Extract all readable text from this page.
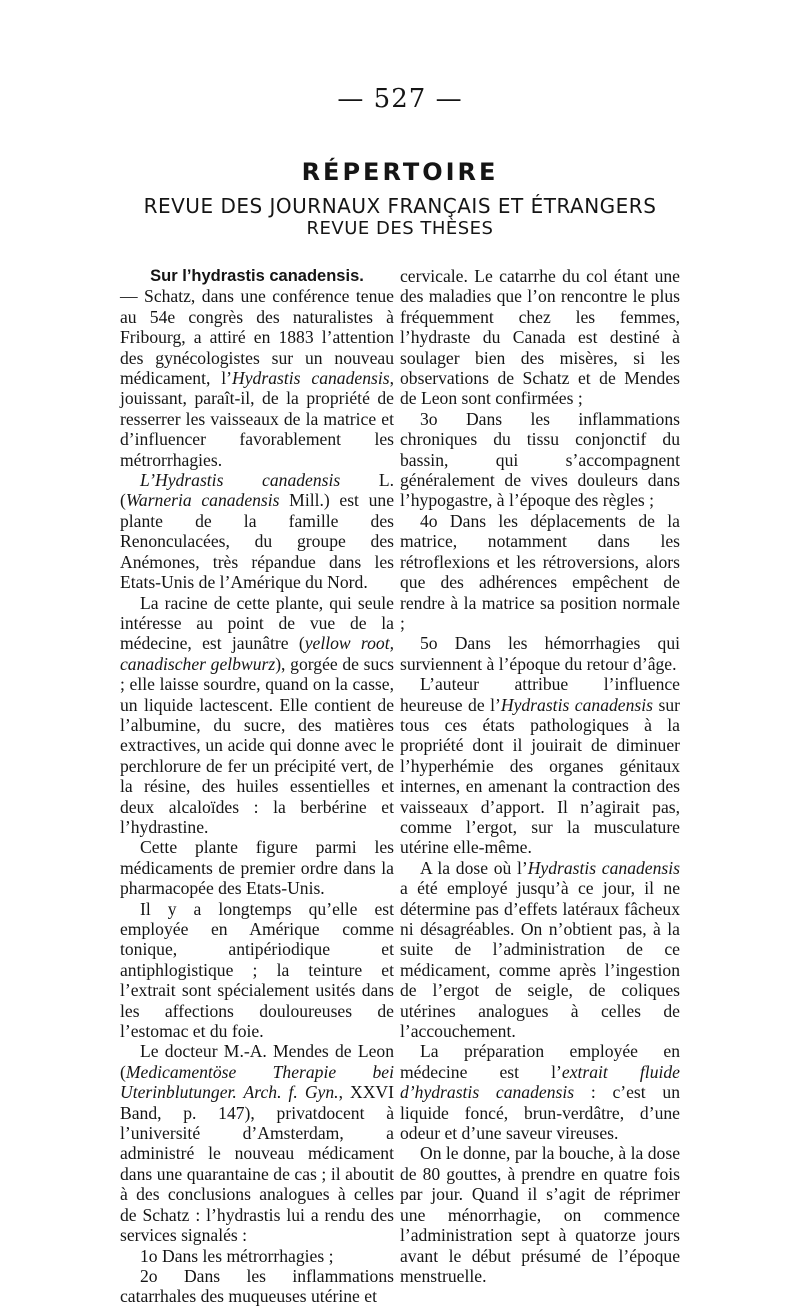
— 527 —
RÉPERTOIRE
REVUE DES JOURNAUX FRANÇAIS ET ÉTRANGERS
REVUE DES THÈSES

Sur l’hydrastis canadensis.

— Schatz, dans une conférence tenue au 54e congrès des naturalistes à Fribourg, a attiré en 1883 l’attention des gynécologistes sur un nouveau médicament, l’Hydrastis canadensis, jouissant, paraît-il, de la propriété de resserrer les vaisseaux de la matrice et d’influencer favorablement les métrorrhagies.

L’Hydrastis canadensis L. (Warneria canadensis Mill.) est une plante de la famille des Renonculacées, du groupe des Anémones, très répandue dans les Etats-Unis de l’Amérique du Nord.

La racine de cette plante, qui seule intéresse au point de vue de la médecine, est jaunâtre (yellow root, canadischer gelbwurz), gorgée de sucs ; elle laisse sourdre, quand on la casse, un liquide lactescent. Elle contient de l’albumine, du sucre, des matières extractives, un acide qui donne avec le perchlorure de fer un précipité vert, de la résine, des huiles essentielles et deux alcaloïdes : la berbérine et l’hydrastine.

Cette plante figure parmi les médicaments de premier ordre dans la pharmacopée des Etats-Unis.

Il y a longtemps qu’elle est employée en Amérique comme tonique, antipériodique et antiphlogistique ; la teinture et l’extrait sont spécialement usités dans les affections douloureuses de l’estomac et du foie.

Le docteur M.-A. Mendes de Leon (Medicamentöse Therapie bei Uterinblutunger. Arch. f. Gyn., XXVI Band, p. 147), privatdocent à l’université d’Amsterdam, a administré le nouveau médicament dans une quarantaine de cas ; il aboutit à des conclusions analogues à celles de Schatz : l’hydrastis lui a rendu des services signalés :

1o Dans les métrorrhagies ;

2o Dans les inflammations catarrhales des muqueuses utérine et

cervicale. Le catarrhe du col étant une des maladies que l’on rencontre le plus fréquemment chez les femmes, l’hydraste du Canada est destiné à soulager bien des misères, si les observations de Schatz et de Mendes de Leon sont confirmées ;

3o Dans les inflammations chroniques du tissu conjonctif du bassin, qui s’accompagnent généralement de vives douleurs dans l’hypogastre, à l’époque des règles ;

4o Dans les déplacements de la matrice, notamment dans les rétroflexions et les rétroversions, alors que des adhérences empêchent de rendre à la matrice sa position normale ;

5o Dans les hémorrhagies qui surviennent à l’époque du retour d’âge.

L’auteur attribue l’influence heureuse de l’Hydrastis canadensis sur tous ces états pathologiques à la propriété dont il jouirait de diminuer l’hyperhémie des organes génitaux internes, en amenant la contraction des vaisseaux d’apport. Il n’agirait pas, comme l’ergot, sur la musculature utérine elle-même.

A la dose où l’Hydrastis canadensis a été employé jusqu’à ce jour, il ne détermine pas d’effets latéraux fâcheux ni désagréables. On n’obtient pas, à la suite de l’administration de ce médicament, comme après l’ingestion de l’ergot de seigle, de coliques utérines analogues à celles de l’accouchement.

La préparation employée en médecine est l’extrait fluide d’hydrastis canadensis : c’est un liquide foncé, brun-verdâtre, d’une odeur et d’une saveur vireuses.

On le donne, par la bouche, à la dose de 80 gouttes, à prendre en quatre fois par jour. Quand il s’agit de réprimer une ménorrhagie, on commence l’administration sept à quatorze jours avant le début présumé de l’époque menstruelle.
